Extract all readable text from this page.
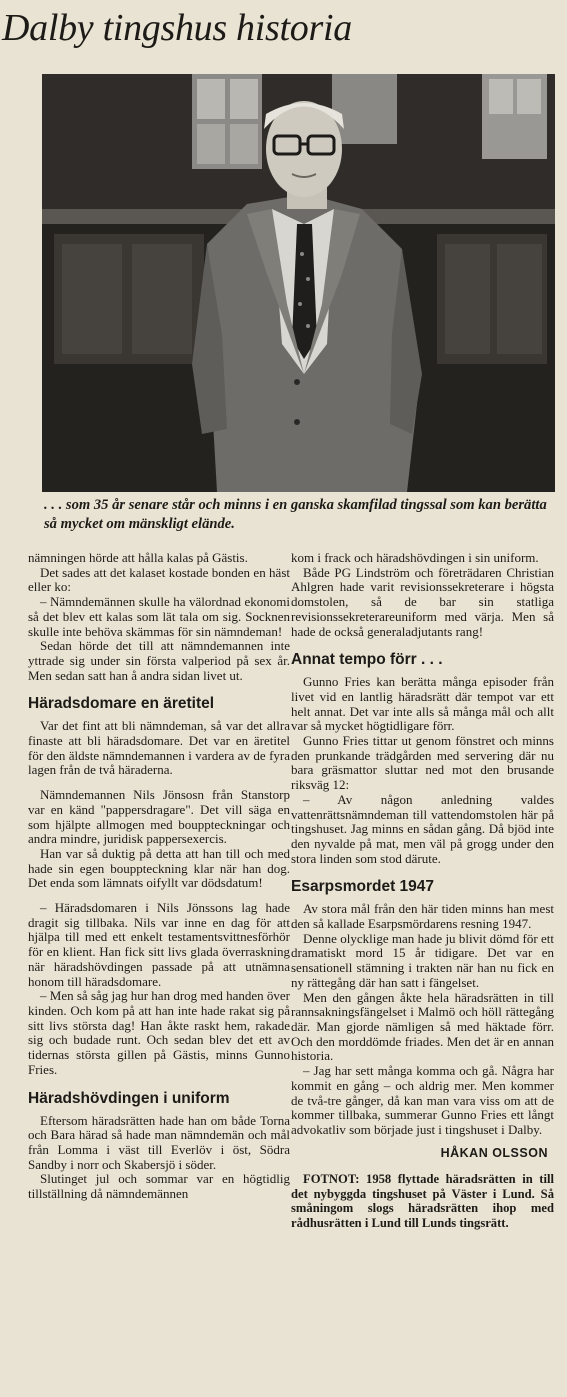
Dalby tingshus historia

. . . som 35 år senare står och minns i en ganska skamfilad tingssal som kan berätta så mycket om mänskligt elände.

nämningen hörde att hålla kalas på Gästis.

Det sades att det kalaset kostade bonden en häst eller ko:

– Nämndemännen skulle ha välordnad ekonomi så det blev ett kalas som lät tala om sig. Socknen skulle inte behöva skämmas för sin nämndeman!

Sedan hörde det till att nämndemannen inte yttrade sig under sin första valperiod på sex år. Men sedan satt han å andra sidan livet ut.

Häradsdomare en äretitel

Var det fint att bli nämndeman, så var det allra finaste att bli häradsdomare. Det var en äretitel för den äldste nämndemannen i vardera av de fyra lagen från de två häraderna.

Nämndemannen Nils Jönsosn från Stanstorp var en känd "pappersdragare". Det vill säga en som hjälpte allmogen med bouppteckningar och andra mindre, juridisk pappersexercis.

Han var så duktig på detta att han till och med hade sin egen bouppteckning klar när han dog. Det enda som lämnats oifyllt var dödsdatum!

– Häradsdomaren i Nils Jönssons lag hade dragit sig tillbaka. Nils var inne en dag för att hjälpa till med ett enkelt testamentsvittnesförhör för en klient. Han fick sitt livs glada överraskning när häradshövdingen passade på att utnämna honom till häradsdomare.

– Men så såg jag hur han drog med handen över kinden. Och kom på att han inte hade rakat sig på sitt livs största dag! Han åkte raskt hem, rakade sig och budade runt. Och sedan blev det ett av tidernas största gillen på Gästis, minns Gunno Fries.

Häradshövdingen i uniform

Eftersom häradsrätten hade han om både Torna och Bara härad så hade man nämndemän och mål från Lomma i väst till Everlöv i öst, Södra Sandby i norr och Skabersjö i söder.

Slutinget jul och sommar var en högtidlig tillställning då nämndemännen

kom i frack och häradshövdingen i sin uniform.

Både PG Lindström och företrädaren Christian Ahlgren hade varit revisionssekreterare i högsta domstolen, så de bar sin statliga revisionssekreterareuniform med värja. Men så hade de också generaladjutants rang!

Annat tempo förr . . .

Gunno Fries kan berätta många episoder från livet vid en lantlig häradsrätt där tempot var ett helt annat. Det var inte alls så många mål och allt var så mycket högtidligare förr.

Gunno Fries tittar ut genom fönstret och minns den prunkande trädgården med servering där nu bara gräsmattor sluttar ned mot den brusande riksväg 12:

– Av någon anledning valdes vattenrättsnämndeman till vattendomstolen här på tingshuset. Jag minns en sådan gång. Då bjöd inte den nyvalde på mat, men väl på grogg under den stora linden som stod därute.

Esarpsmordet 1947

Av stora mål från den här tiden minns han mest den så kallade Esarpsmördarens resning 1947.

Denne olycklige man hade ju blivit dömd för ett dramatiskt mord 15 år tidigare. Det var en sensationell stämning i trakten när han nu fick en ny rättegång där han satt i fängelset.

Men den gången åkte hela häradsrätten in till rannsakningsfängelset i Malmö och höll rättegång där. Man gjorde nämligen så med häktade förr. Och den morddömde friades. Men det är en annan historia.

– Jag har sett många komma och gå. Några har kommit en gång – och aldrig mer. Men kommer de två-tre gånger, då kan man vara viss om att de kommer tillbaka, summerar Gunno Fries ett långt advokatliv som började just i tingshuset i Dalby.

HÅKAN OLSSON

FOTNOT: 1958 flyttade häradsrätten in till det nybyggda tingshuset på Väster i Lund. Så småningom slogs häradsrätten ihop med rådhusrätten i Lund till Lunds tingsrätt.
